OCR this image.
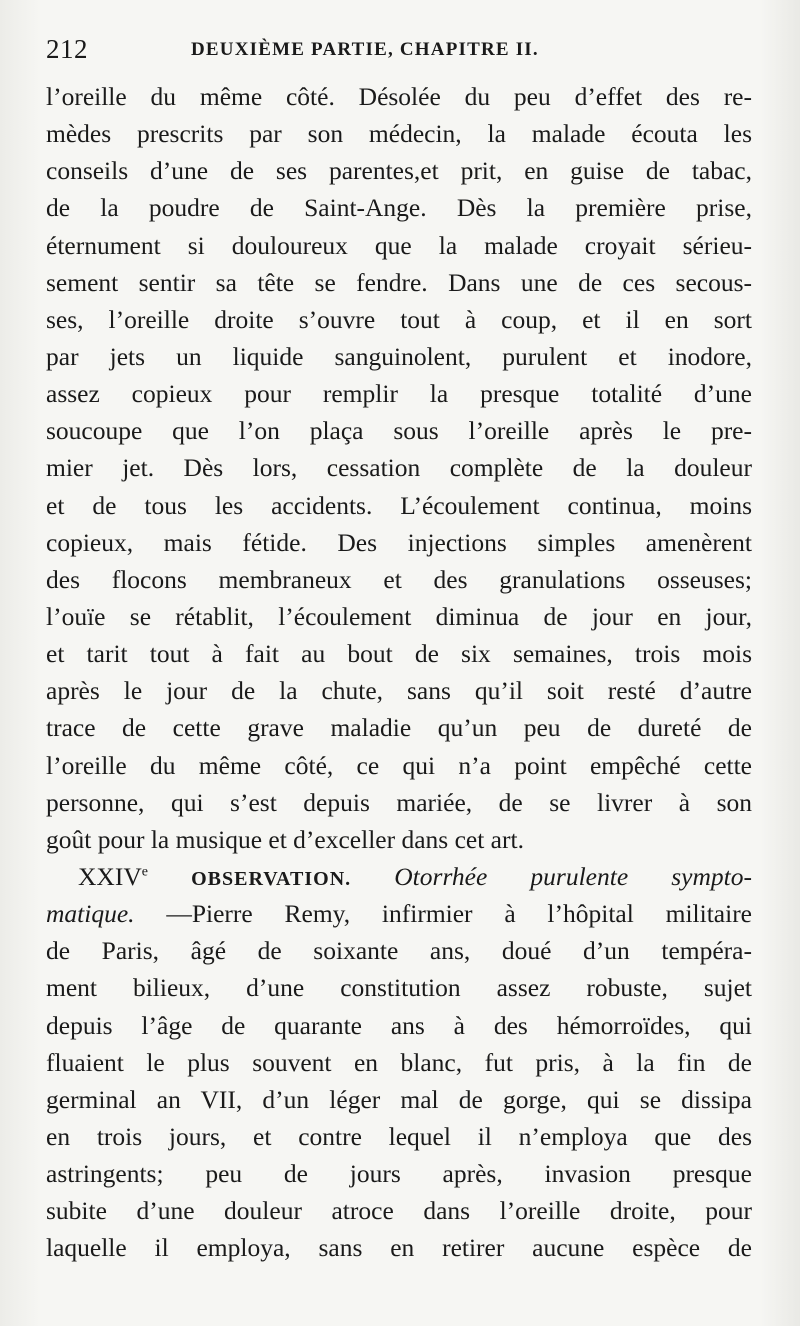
212	DEUXIÈME PARTIE, CHAPITRE II.
l’oreille du même côté. Désolée du peu d’effet des re-
mèdes prescrits par son médecin, la malade écouta les
conseils d’une de ses parentes,et prit, en guise de tabac,
de la poudre de Saint-Ange. Dès la première prise,
éternument si douloureux que la malade croyait sérieu-
sement sentir sa tête se fendre. Dans une de ces secous-
ses, l’oreille droite s’ouvre tout à coup, et il en sort
par jets un liquide sanguinolent, purulent et inodore,
assez copieux pour remplir la presque totalité d’une
soucoupe que l’on plaça sous l’oreille après le pre-
mier jet. Dès lors, cessation complète de la douleur
et de tous les accidents. L’écoulement continua, moins
copieux, mais fétide. Des injections simples amenèrent
des flocons membraneux et des granulations osseuses;
l’ouïe se rétablit, l’écoulement diminua de jour en jour,
et tarit tout à fait au bout de six semaines, trois mois
après le jour de la chute, sans qu’il soit resté d’autre
trace de cette grave maladie qu’un peu de dureté de
l’oreille du même côté, ce qui n’a point empêché cette
personne, qui s’est depuis mariée, de se livrer à son
goût pour la musique et d’exceller dans cet art.
XXIVe OBSERVATION. Otorrhée purulente sympto-
matique. —Pierre Remy, infirmier à l’hôpital militaire
de Paris, âgé de soixante ans, doué d’un tempéra-
ment bilieux, d’une constitution assez robuste, sujet
depuis l’âge de quarante ans à des hémorroïdes, qui
fluaient le plus souvent en blanc, fut pris, à la fin de
germinal an VII, d’un léger mal de gorge, qui se dissipa
en trois jours, et contre lequel il n’employa que des
astringents; peu de jours après, invasion presque
subite d’une douleur atroce dans l’oreille droite, pour
laquelle il employa, sans en retirer aucune espèce de
